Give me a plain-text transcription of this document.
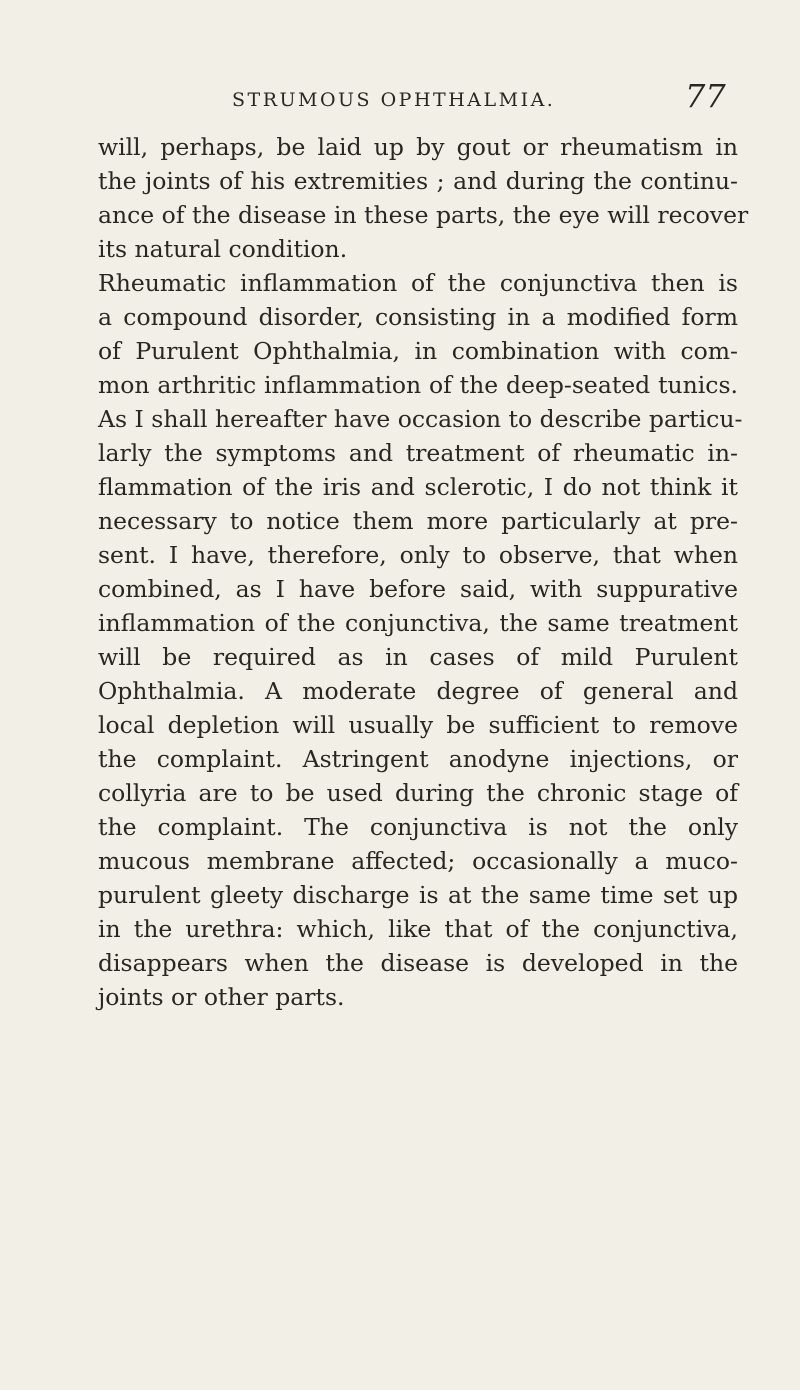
STRUMOUS OPHTHALMIA.	77
will, perhaps, be laid up by gout or rheumatism in
the joints of his extremities ; and during the continu-
ance of the disease in these parts, the eye will recover
its natural condition.
Rheumatic inflammation of the conjunctiva then is
a compound disorder, consisting in a modified form
of Purulent Ophthalmia, in combination with com-
mon arthritic inflammation of the deep-seated tunics.
As I shall hereafter have occasion to describe particu-
larly the symptoms and treatment of rheumatic in-
flammation of the iris and sclerotic, I do not think it
necessary to notice them more particularly at pre-
sent. I have, therefore, only to observe, that when
combined, as I have before said, with suppurative
inflammation of the conjunctiva, the same treatment
will be required as in cases of mild Purulent
Ophthalmia. A moderate degree of general and
local depletion will usually be sufficient to remove
the complaint. Astringent anodyne injections, or
collyria are to be used during the chronic stage of
the complaint. The conjunctiva is not the only
mucous membrane affected; occasionally a muco-
purulent gleety discharge is at the same time set up
in the urethra: which, like that of the conjunctiva,
disappears when the disease is developed in the
joints or other parts.
